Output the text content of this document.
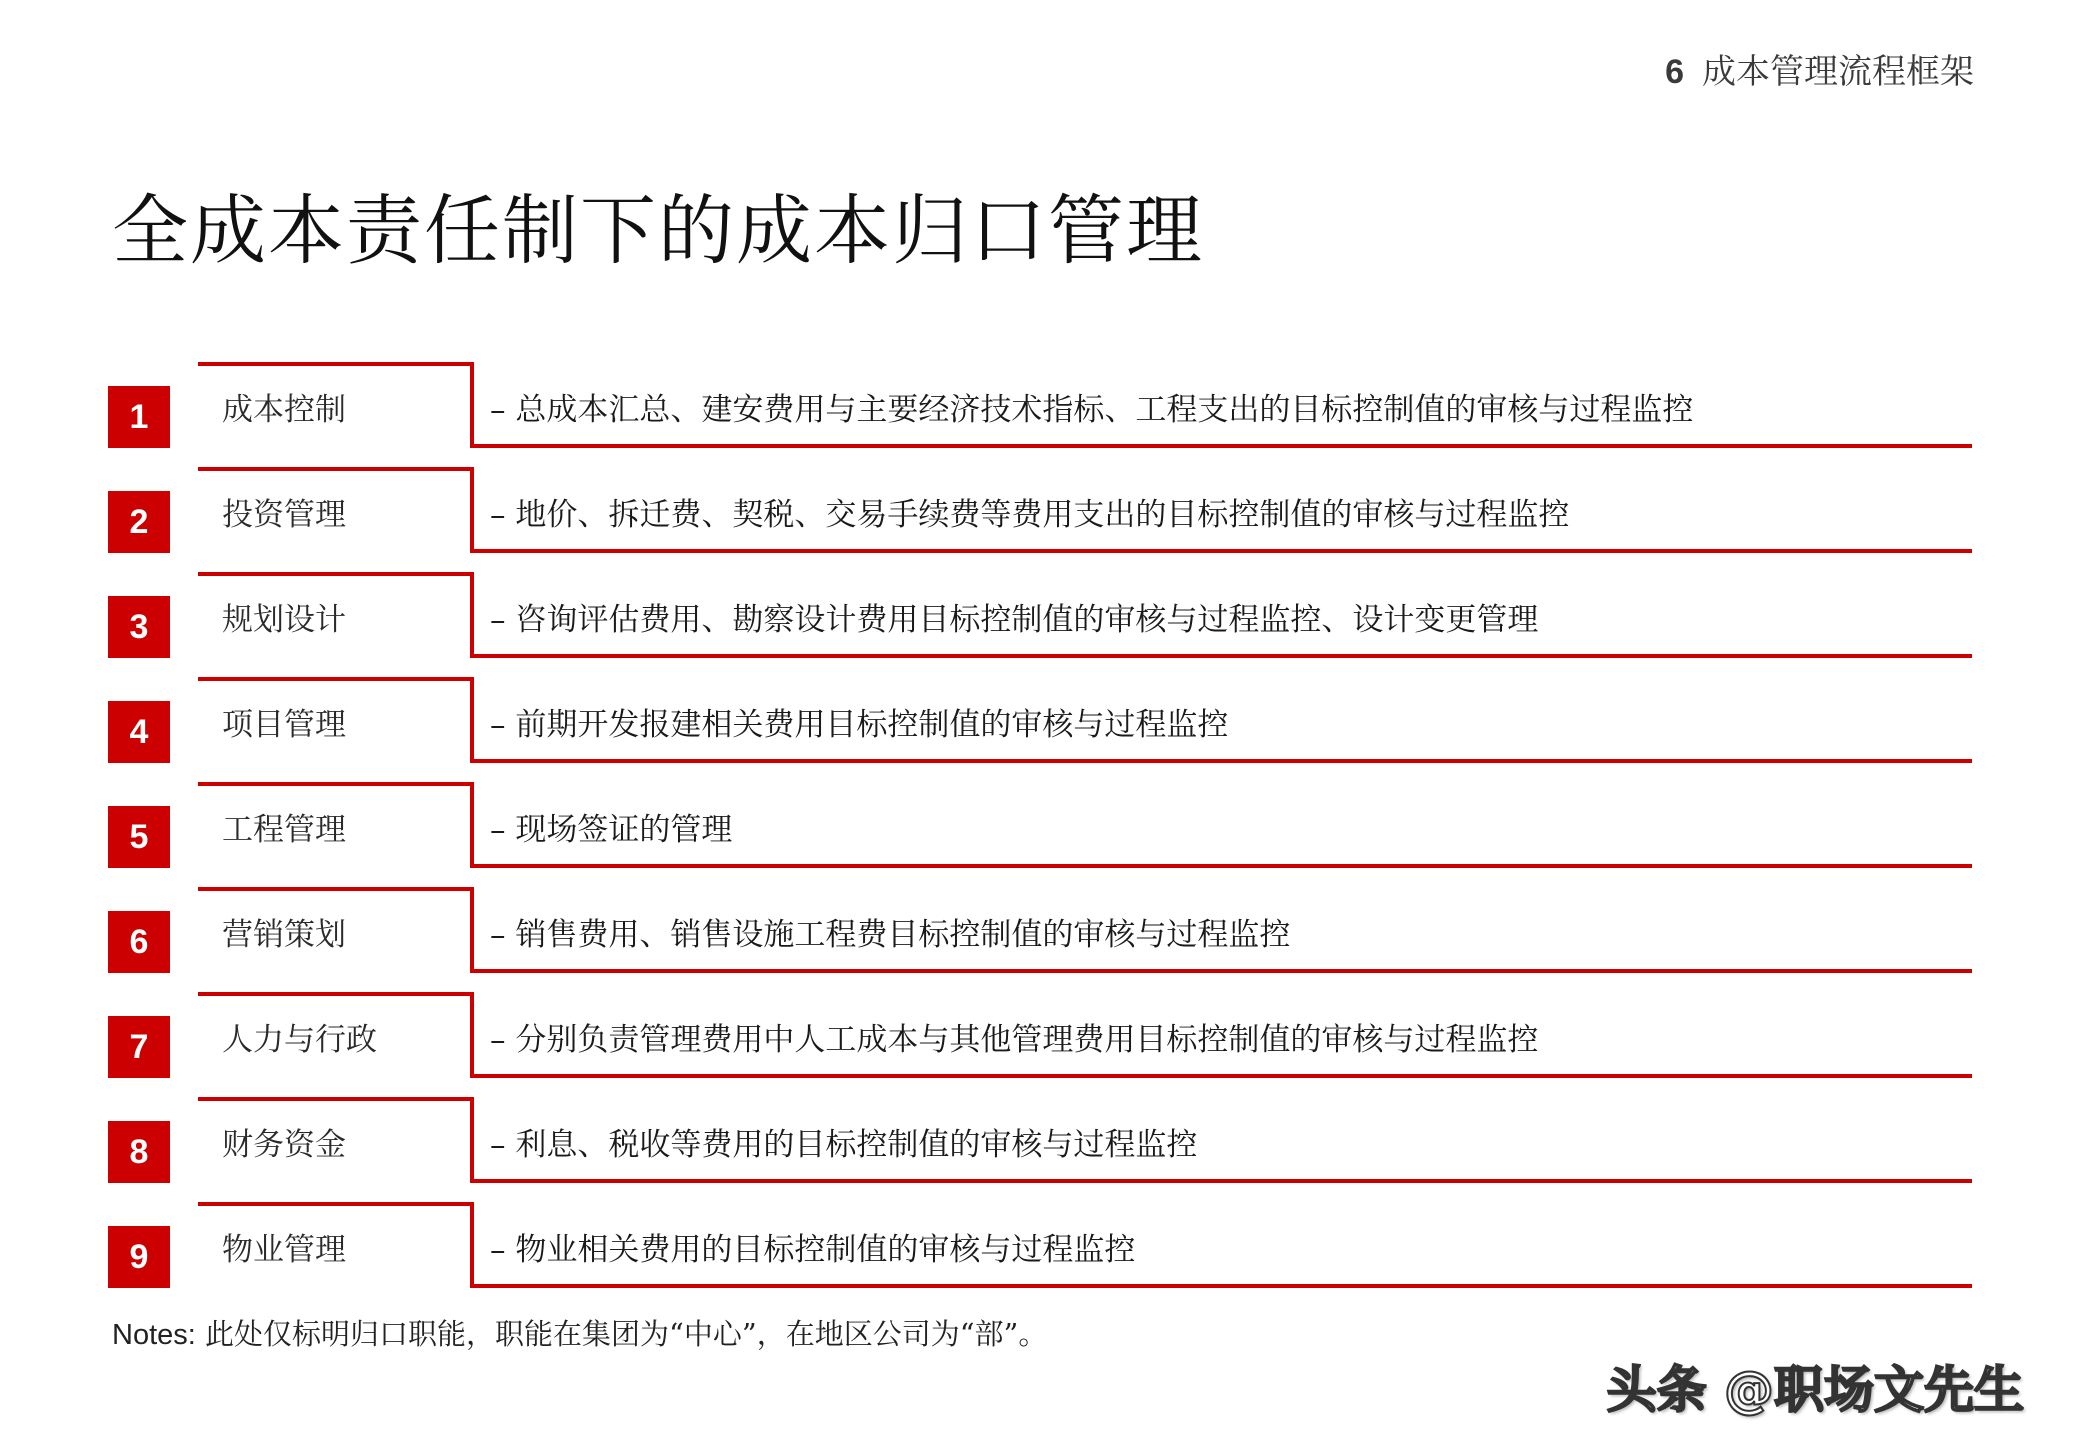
6 成本管理流程框架
全成本责任制下的成本归口管理
1	成本控制	– 总成本汇总、建安费用与主要经济技术指标、工程支出的目标控制值的审核与过程监控
2	投资管理	– 地价、拆迁费、契税、交易手续费等费用支出的目标控制值的审核与过程监控
3	规划设计	– 咨询评估费用、勘察设计费用目标控制值的审核与过程监控、设计变更管理
4	项目管理	– 前期开发报建相关费用目标控制值的审核与过程监控
5	工程管理	– 现场签证的管理
6	营销策划	– 销售费用、销售设施工程费目标控制值的审核与过程监控
7	人力与行政	– 分别负责管理费用中人工成本与其他管理费用目标控制值的审核与过程监控
8	财务资金	– 利息、税收等费用的目标控制值的审核与过程监控
9	物业管理	– 物业相关费用的目标控制值的审核与过程监控
Notes: 此处仅标明归口职能，职能在集团为“中心”，在地区公司为“部”。
头条 @职场文先生
